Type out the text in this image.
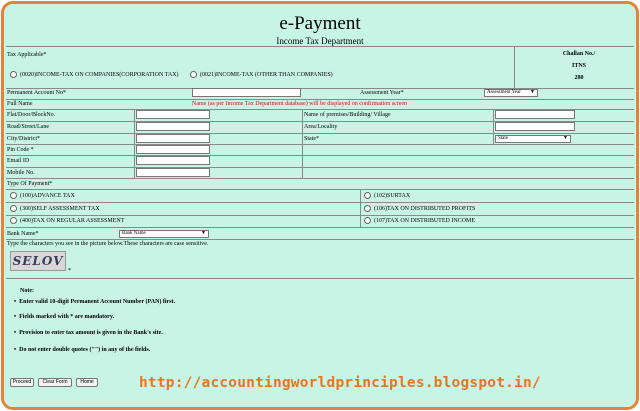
e-Payment
Income Tax Department
Tax Applicable*
(0020)INCOME-TAX ON COMPANIES(CORPORATION TAX)	(0021)INCOME-TAX (OTHER THAN COMPANIES)
Challan No./
ITNS
280
Permanent Account No*	Assessment Year*	Assessment Year ▼
Full Name	Name (as per Income Tax Department database) will be displayed on confirmation screen
Flat/Door/BlockNo.	Name of premises/Building/ Village
Road/Street/Lane	Area/Locality
City/District*	State*	State	▼
Pin Code *
Email ID
Mobile No.
Type Of Payment*
(100)ADVANCE TAX	(102)SURTAX
(300)SELF ASSESSMENT TAX	(106)TAX ON DISTRIBUTED PROFITS
(400)TAX ON REGULAR ASSESSMENT	(107)TAX ON DISTRIBUTED INCOME
Bank Name*	Bank Name	▼
Type the characters you see in the picture below.These characters are case sensitive.
SELOV
*
Note:
•  Enter valid 10-digit Permanent Account Number (PAN) first.
•  Fields marked with * are mandatory.
•  Provision to enter tax amount is given in the Bank's site.
•  Do not enter double quotes ("") in any of the fields.
Proceed	Clear Form	Home	http://accountingworldprinciples.blogspot.in/
